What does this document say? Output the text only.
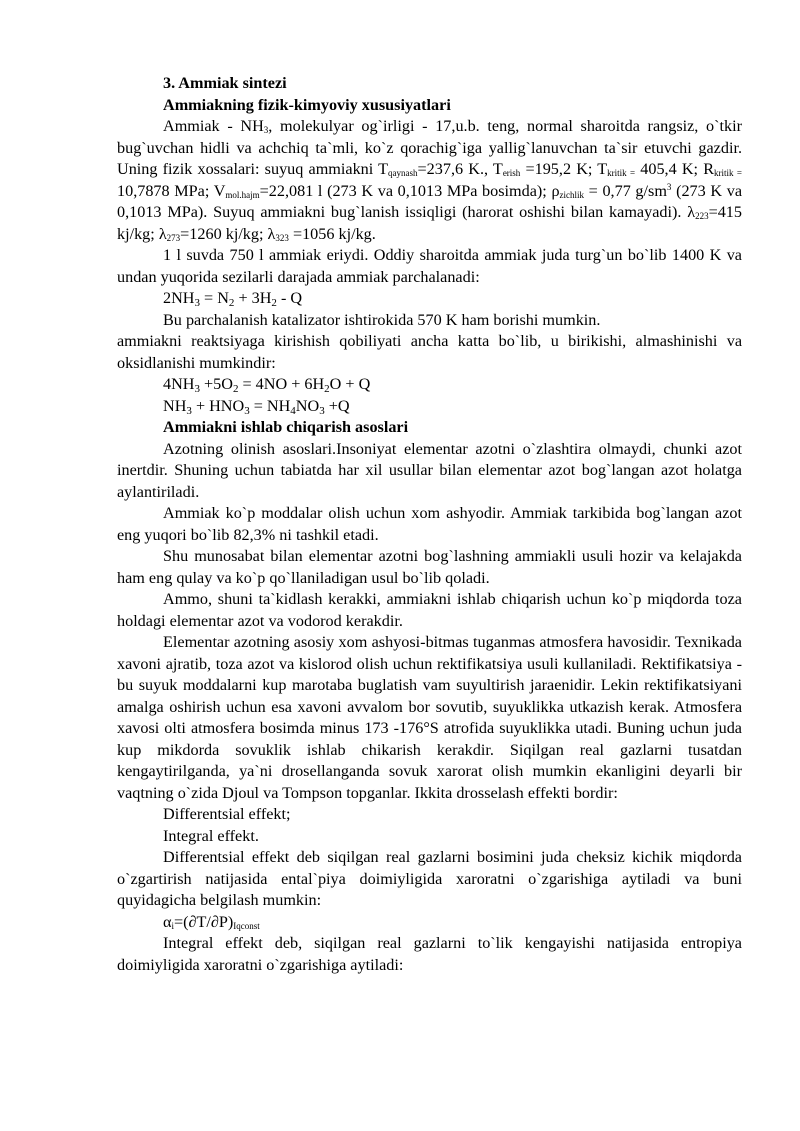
3. Ammiak sintezi

Ammiakning fizik-kimyoviy xususiyatlari

Ammiak - $NH_3$, molekulyar og`irligi - 17,u.b. teng, normal sharoitda rangsiz, o`tkir bug`uvchan hidli va achchiq ta`mli, ko`z qorachig`iga yallig`lanuvchan ta`sir etuvchi gazdir. Uning fizik xossalari: suyuq ammiakni $T_{qaynash}=237,6$ K., $T_{erish} =195,2$ K; $T_{kritik =}$ 405,4 K; $R_{kritik =}$ 10,7878 MPa; $V_{mol.hajm}=22,081$ l (273 K va 0,1013 MPa bosimda); $\rho_{zichlik} = 0,77$ $g/sm^3$ (273 K va 0,1013 MPa). Suyuq ammiakni bug`lanish issiqligi (harorat oshishi bilan kamayadi). $\lambda_{223}=415$ kj/kg; $\lambda_{273}=1260$ kj/kg; $\lambda_{323} =1056$ kj/kg.

1 l suvda 750 l ammiak eriydi. Oddiy sharoitda ammiak juda turg`un bo`lib 1400 K va undan yuqorida sezilarli darajada ammiak parchalanadi:

$2NH_3 = N_2 + 3H_2 - Q$

Bu parchalanish katalizator ishtirokida 570 K ham borishi mumkin.

ammiakni reaktsiyaga kirishish qobiliyati ancha katta bo`lib, u birikishi, almashinishi va oksidlanishi mumkindir:

$4NH_3 +5O_2 = 4NO + 6H_2O + Q$

$NH_3 + HNO_3 = NH_4NO_3 +Q$

Ammiakni ishlab chiqarish asoslari

Azotning olinish asoslari.Insoniyat elementar azotni o`zlashtira olmaydi, chunki azot inertdir. Shuning uchun tabiatda har xil usullar bilan elementar azot bog`langan azot holatga aylantiriladi.

Ammiak ko`p moddalar olish uchun xom ashyodir. Ammiak tarkibida bog`langan azot eng yuqori bo`lib 82,3% ni tashkil etadi.

Shu munosabat bilan elementar azotni bog`lashning ammiakli usuli hozir va kelajakda ham eng qulay va ko`p qo`llaniladigan usul bo`lib qoladi.

Ammo, shuni ta`kidlash kerakki, ammiakni ishlab chiqarish uchun ko`p miqdorda toza holdagi elementar azot va vodorod kerakdir.

Elementar azotning asosiy xom ashyosi-bitmas tuganmas atmosfera havosidir. Texnikada xavoni ajratib, toza azot va kislorod olish uchun rektifikatsiya usuli kullaniladi. Rektifikatsiya - bu suyuk moddalarni kup marotaba buglatish vam suyultirish jaraenidir. Lekin rektifikatsiyani amalga oshirish uchun esa xavoni avvalom bor sovutib, suyuklikka utkazish kerak. Atmosfera xavosi olti atmosfera bosimda minus 173 -176°S atrofida suyuklikka utadi. Buning uchun juda kup mikdorda sovuklik ishlab chikarish kerakdir. Siqilgan real gazlarni tusatdan kengaytirilganda, ya`ni drosellanganda sovuk xarorat olish mumkin ekanligini deyarli bir vaqtning o`zida Djoul va Tompson topganlar. Ikkita drosselash effekti bordir:

Differentsial effekt;

Integral effekt.

Differentsial effekt deb siqilgan real gazlarni bosimini juda cheksiz kichik miqdorda o`zgartirish natijasida ental`piya doimiyligida xaroratni o`zgarishiga aytiladi va buni quyidagicha belgilash mumkin:

$\alpha_i=(\partial T/\partial P)_{Iqconst}$

Integral effekt deb, siqilgan real gazlarni to`lik kengayishi natijasida entropiya doimiyligida xaroratni o`zgarishiga aytiladi:
